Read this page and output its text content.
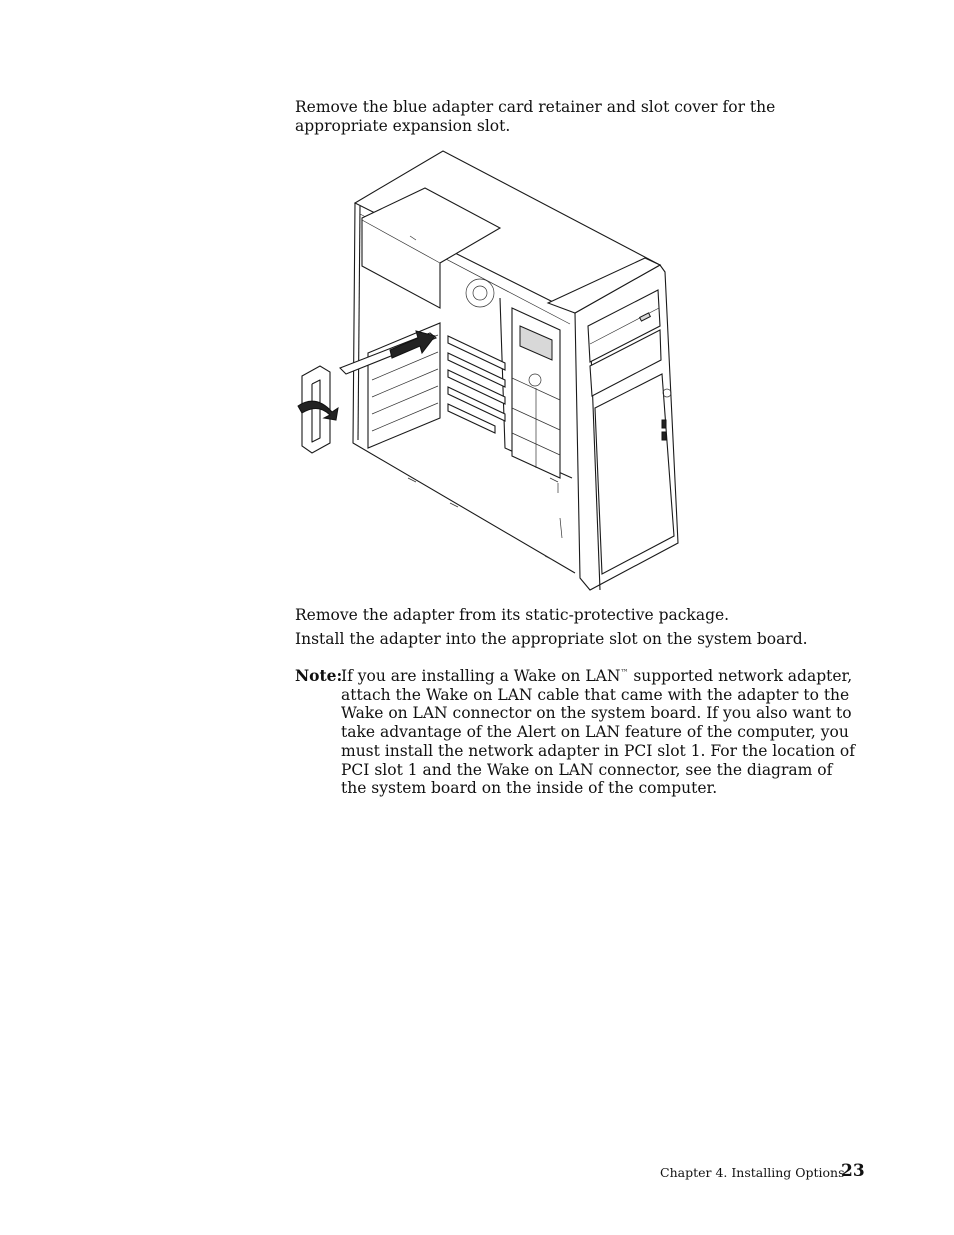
Remove the blue adapter card retainer and slot cover for the appropriate expansion slot.

Remove the adapter from its static-protective package.

Install the adapter into the appropriate slot on the system board.

Note:

If you are installing a Wake on LAN™ supported network adapter, attach the Wake on LAN cable that came with the adapter to the Wake on LAN connector on the system board. If you also want to take advantage of the Alert on LAN feature of the computer, you must install the network adapter in PCI slot 1. For the location of PCI slot 1 and the Wake on LAN connector, see the diagram of the system board on the inside of the computer.

Chapter 4. Installing Options
23
